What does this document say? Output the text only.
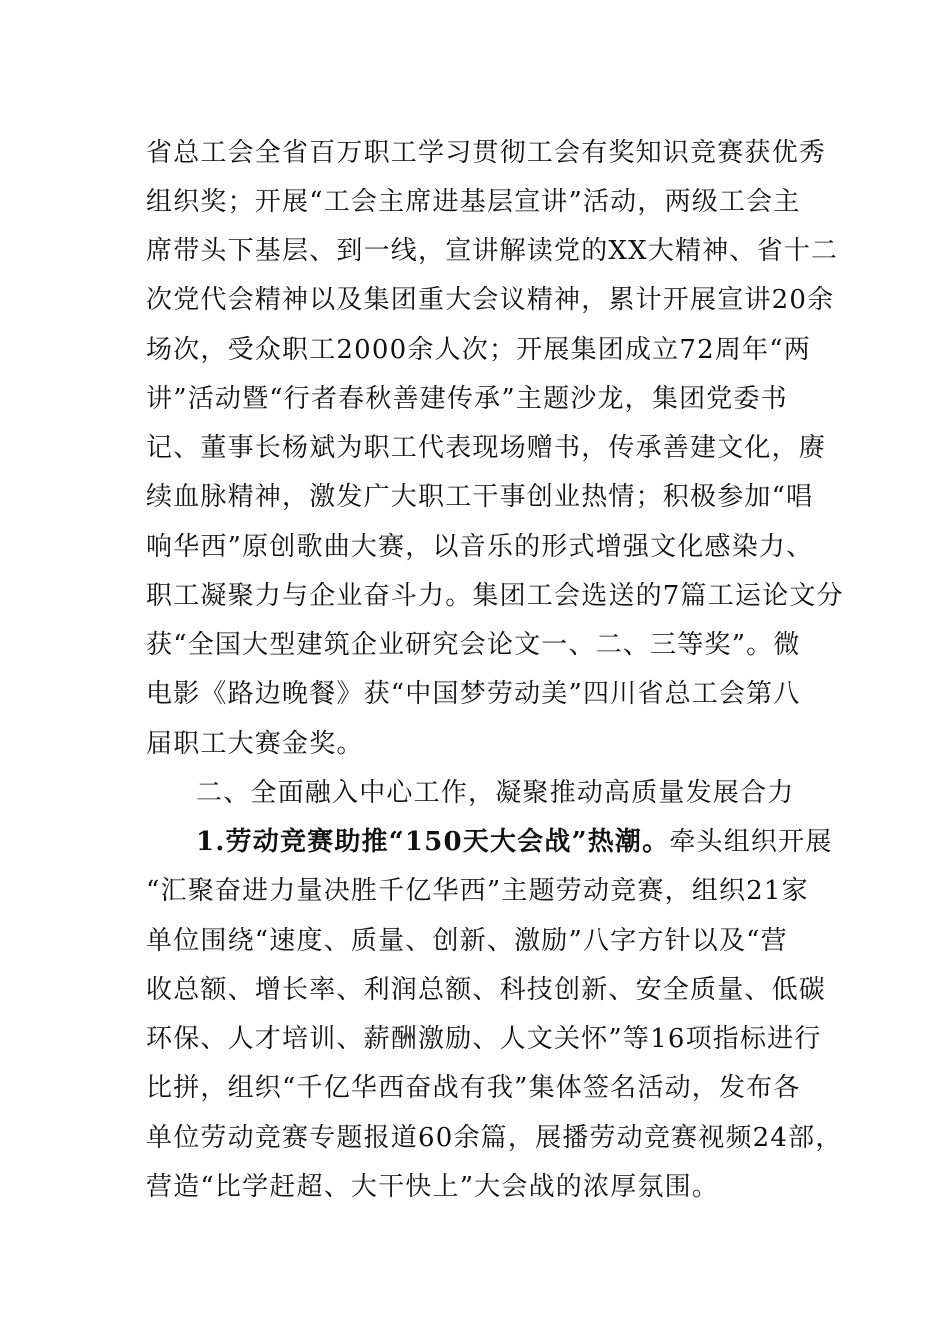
省总工会全省百万职工学习贯彻工会有奖知识竞赛获优秀
组织奖；开展“工会主席进基层宣讲”活动，两级工会主
席带头下基层、到一线，宣讲解读党的XX大精神、省十二
次党代会精神以及集团重大会议精神，累计开展宣讲20余
场次，受众职工2000余人次；开展集团成立72周年“两
讲”活动暨“行者春秋善建传承”主题沙龙，集团党委书
记、董事长杨斌为职工代表现场赠书，传承善建文化，赓
续血脉精神，激发广大职工干事创业热情；积极参加“唱
响华西”原创歌曲大赛，以音乐的形式增强文化感染力、
职工凝聚力与企业奋斗力。集团工会选送的7篇工运论文分
获“全国大型建筑企业研究会论文一、二、三等奖”。微
电影《路边晚餐》获“中国梦劳动美”四川省总工会第八
届职工大赛金奖。
二、全面融入中心工作，凝聚推动高质量发展合力
1.劳动竞赛助推“150天大会战”热潮。牵头组织开展
“汇聚奋进力量决胜千亿华西”主题劳动竞赛，组织21家
单位围绕“速度、质量、创新、激励”八字方针以及“营
收总额、增长率、利润总额、科技创新、安全质量、低碳
环保、人才培训、薪酬激励、人文关怀”等16项指标进行
比拼，组织“千亿华西奋战有我”集体签名活动，发布各
单位劳动竞赛专题报道60余篇，展播劳动竞赛视频24部，
营造“比学赶超、大干快上”大会战的浓厚氛围。
